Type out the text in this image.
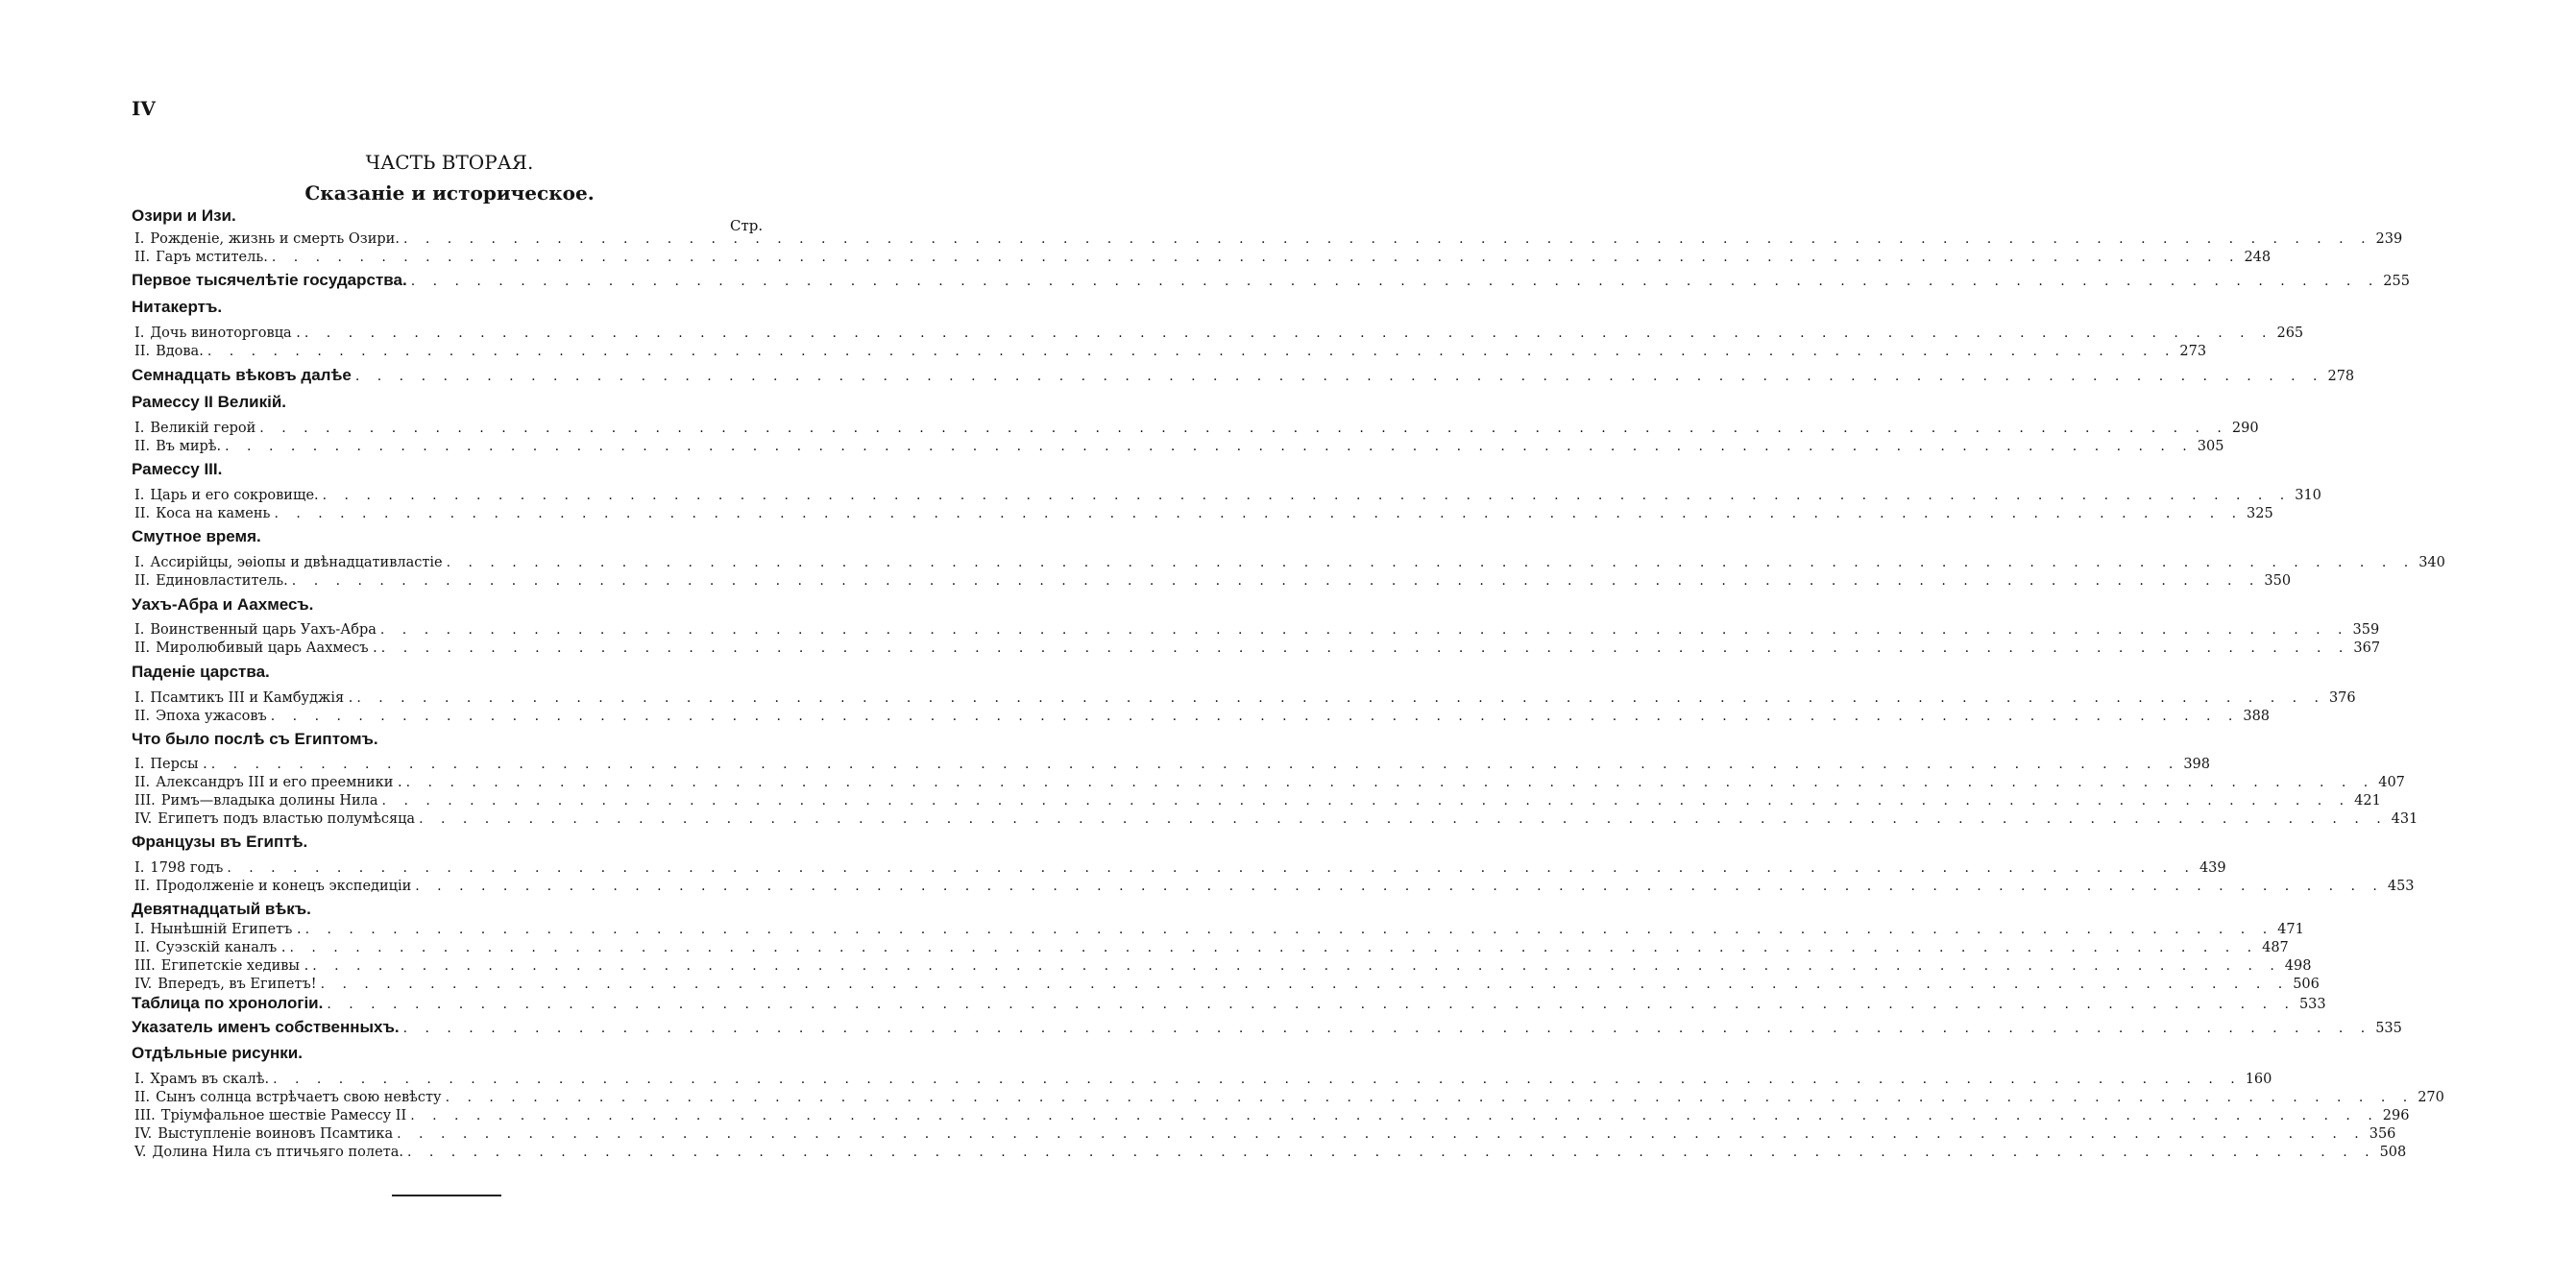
IV
ЧАСТЬ ВТОРАЯ.
Сказаніе и историческое.
Стр.
Озири и Изи.
I. Рожденіе, жизнь и смерть Озири. . . . . . . . . . . . . . . . . . . . . . . . . . . . . . . . . . . . . . . . . . . . . . . . . . . . . . . . . . . . . . . . . . . . . . . . . . . . . . . . . . . . . . . . . . . 239
II. Гаръ мститель. . . . . . . . . . . . . . . . . . . . . . . . . . . . . . . . . . . . . . . . . . . . . . . . . . . . . . . . . . . . . . . . . . . . . . . . . . . . . . . . . . . . . . . . . . . 248
Первое тысячелѣтіе государства. . . . . . . . . . . . . . . . . . . . . . . . . . . . . . . . . . . . . . . . . . . . . . . . . . . . . . . . . . . . . . . . . . . . . . . . . . . . . . . . . . . . . . . . . . . 255
Нитакертъ.
I. Дочь виноторговца . . . . . . . . . . . . . . . . . . . . . . . . . . . . . . . . . . . . . . . . . . . . . . . . . . . . . . . . . . . . . . . . . . . . . . . . . . . . . . . . . . . . . . . . . . . 265
II. Вдова. . . . . . . . . . . . . . . . . . . . . . . . . . . . . . . . . . . . . . . . . . . . . . . . . . . . . . . . . . . . . . . . . . . . . . . . . . . . . . . . . . . . . . . . . . . 273
Семнадцать вѣковъ далѣе . . . . . . . . . . . . . . . . . . . . . . . . . . . . . . . . . . . . . . . . . . . . . . . . . . . . . . . . . . . . . . . . . . . . . . . . . . . . . . . . . . . . . . . . . . 278
Рамессу II Великій.
I. Великій герой . . . . . . . . . . . . . . . . . . . . . . . . . . . . . . . . . . . . . . . . . . . . . . . . . . . . . . . . . . . . . . . . . . . . . . . . . . . . . . . . . . . . . . . . . . 290
II. Въ мирѣ. . . . . . . . . . . . . . . . . . . . . . . . . . . . . . . . . . . . . . . . . . . . . . . . . . . . . . . . . . . . . . . . . . . . . . . . . . . . . . . . . . . . . . . . . . . 305
Рамессу III.
I. Царь и его сокровище. . . . . . . . . . . . . . . . . . . . . . . . . . . . . . . . . . . . . . . . . . . . . . . . . . . . . . . . . . . . . . . . . . . . . . . . . . . . . . . . . . . . . . . . . . . 310
II. Коса на камень . . . . . . . . . . . . . . . . . . . . . . . . . . . . . . . . . . . . . . . . . . . . . . . . . . . . . . . . . . . . . . . . . . . . . . . . . . . . . . . . . . . . . . . . . . 325
Смутное время.
I. Ассирійцы, эѳіопы и двѣнадцативластіе . . . . . . . . . . . . . . . . . . . . . . . . . . . . . . . . . . . . . . . . . . . . . . . . . . . . . . . . . . . . . . . . . . . . . . . . . . . . . . . . . . . . . . . . . . 340
II. Единовластитель. . . . . . . . . . . . . . . . . . . . . . . . . . . . . . . . . . . . . . . . . . . . . . . . . . . . . . . . . . . . . . . . . . . . . . . . . . . . . . . . . . . . . . . . . . . 350
Уахъ-Абра и Аахмесъ.
I. Воинственный царь Уахъ-Абра . . . . . . . . . . . . . . . . . . . . . . . . . . . . . . . . . . . . . . . . . . . . . . . . . . . . . . . . . . . . . . . . . . . . . . . . . . . . . . . . . . . . . . . . . . 359
II. Миролюбивый царь Аахмесъ . . . . . . . . . . . . . . . . . . . . . . . . . . . . . . . . . . . . . . . . . . . . . . . . . . . . . . . . . . . . . . . . . . . . . . . . . . . . . . . . . . . . . . . . . . . 367
Паденіе царства.
I. Псамтикъ III и Камбуджія . . . . . . . . . . . . . . . . . . . . . . . . . . . . . . . . . . . . . . . . . . . . . . . . . . . . . . . . . . . . . . . . . . . . . . . . . . . . . . . . . . . . . . . . . . . 376
II. Эпоха ужасовъ . . . . . . . . . . . . . . . . . . . . . . . . . . . . . . . . . . . . . . . . . . . . . . . . . . . . . . . . . . . . . . . . . . . . . . . . . . . . . . . . . . . . . . . . . . 388
Что было послѣ съ Египтомъ.
I. Персы . . . . . . . . . . . . . . . . . . . . . . . . . . . . . . . . . . . . . . . . . . . . . . . . . . . . . . . . . . . . . . . . . . . . . . . . . . . . . . . . . . . . . . . . . . . 398
II. Александръ III и его преемники . . . . . . . . . . . . . . . . . . . . . . . . . . . . . . . . . . . . . . . . . . . . . . . . . . . . . . . . . . . . . . . . . . . . . . . . . . . . . . . . . . . . . . . . . . . 407
III. Римъ—владыка долины Нила . . . . . . . . . . . . . . . . . . . . . . . . . . . . . . . . . . . . . . . . . . . . . . . . . . . . . . . . . . . . . . . . . . . . . . . . . . . . . . . . . . . . . . . . . . 421
IV. Египетъ подъ властью полумѣсяца . . . . . . . . . . . . . . . . . . . . . . . . . . . . . . . . . . . . . . . . . . . . . . . . . . . . . . . . . . . . . . . . . . . . . . . . . . . . . . . . . . . . . . . . . . 431
Французы въ Египтѣ.
I. 1798 годъ . . . . . . . . . . . . . . . . . . . . . . . . . . . . . . . . . . . . . . . . . . . . . . . . . . . . . . . . . . . . . . . . . . . . . . . . . . . . . . . . . . . . . . . . . . 439
II. Продолженіе и конецъ экспедиціи . . . . . . . . . . . . . . . . . . . . . . . . . . . . . . . . . . . . . . . . . . . . . . . . . . . . . . . . . . . . . . . . . . . . . . . . . . . . . . . . . . . . . . . . . . 453
Девятнадцатый вѣкъ.
I. Нынѣшній Египетъ . . . . . . . . . . . . . . . . . . . . . . . . . . . . . . . . . . . . . . . . . . . . . . . . . . . . . . . . . . . . . . . . . . . . . . . . . . . . . . . . . . . . . . . . . . . 471
II. Суэзскій каналъ . . . . . . . . . . . . . . . . . . . . . . . . . . . . . . . . . . . . . . . . . . . . . . . . . . . . . . . . . . . . . . . . . . . . . . . . . . . . . . . . . . . . . . . . . . . 487
III. Египетскіе хедивы . . . . . . . . . . . . . . . . . . . . . . . . . . . . . . . . . . . . . . . . . . . . . . . . . . . . . . . . . . . . . . . . . . . . . . . . . . . . . . . . . . . . . . . . . . . 498
IV. Впередъ, въ Египетъ! . . . . . . . . . . . . . . . . . . . . . . . . . . . . . . . . . . . . . . . . . . . . . . . . . . . . . . . . . . . . . . . . . . . . . . . . . . . . . . . . . . . . . . . . . . 506
Таблица по хронологіи. . . . . . . . . . . . . . . . . . . . . . . . . . . . . . . . . . . . . . . . . . . . . . . . . . . . . . . . . . . . . . . . . . . . . . . . . . . . . . . . . . . . . . . . . . . 533
Указатель именъ собственныхъ. . . . . . . . . . . . . . . . . . . . . . . . . . . . . . . . . . . . . . . . . . . . . . . . . . . . . . . . . . . . . . . . . . . . . . . . . . . . . . . . . . . . . . . . . . . 535
Отдѣльные рисунки.
I. Храмъ въ скалѣ. . . . . . . . . . . . . . . . . . . . . . . . . . . . . . . . . . . . . . . . . . . . . . . . . . . . . . . . . . . . . . . . . . . . . . . . . . . . . . . . . . . . . . . . . . . 160
II. Сынъ солнца встрѣчаетъ свою невѣсту . . . . . . . . . . . . . . . . . . . . . . . . . . . . . . . . . . . . . . . . . . . . . . . . . . . . . . . . . . . . . . . . . . . . . . . . . . . . . . . . . . . . . . . . . . 270
III. Тріумфальное шествіе Рамессу II . . . . . . . . . . . . . . . . . . . . . . . . . . . . . . . . . . . . . . . . . . . . . . . . . . . . . . . . . . . . . . . . . . . . . . . . . . . . . . . . . . . . . . . . . . 296
IV. Выступленіе воиновъ Псамтика . . . . . . . . . . . . . . . . . . . . . . . . . . . . . . . . . . . . . . . . . . . . . . . . . . . . . . . . . . . . . . . . . . . . . . . . . . . . . . . . . . . . . . . . . . 356
V. Долина Нила съ птичьяго полета. . . . . . . . . . . . . . . . . . . . . . . . . . . . . . . . . . . . . . . . . . . . . . . . . . . . . . . . . . . . . . . . . . . . . . . . . . . . . . . . . . . . . . . . . . . 508
